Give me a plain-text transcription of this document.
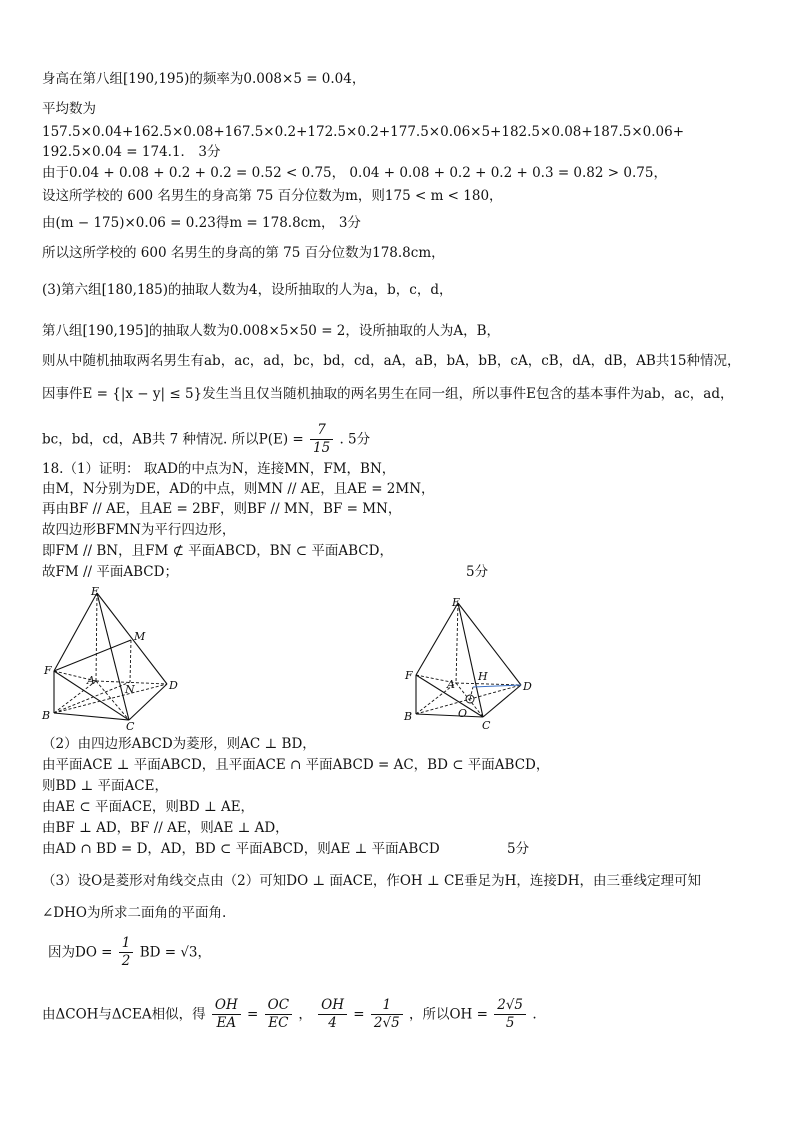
身高在第八组[190,195)的频率为0.008×5 = 0.04，
平均数为
157.5×0.04+162.5×0.08+167.5×0.2+172.5×0.2+177.5×0.06×5+182.5×0.08+187.5×0.06+
192.5×0.04 = 174.1． 3分
由于0.04 + 0.08 + 0.2 + 0.2 = 0.52 < 0.75， 0.04 + 0.08 + 0.2 + 0.2 + 0.3 = 0.82 > 0.75，
设这所学校的 600 名男生的身高第 75 百分位数为m，则175 < m < 180，
由(m − 175)×0.06 = 0.23得m = 178.8cm， 3分
所以这所学校的 600 名男生的身高的第 75 百分位数为178.8cm，
(3)第六组[180,185)的抽取人数为4，设所抽取的人为a，b，c，d，
第八组[190,195]的抽取人数为0.008×5×50 = 2，设所抽取的人为A，B，
则从中随机抽取两名男生有ab，ac，ad，bc，bd，cd，aA，aB，bA，bB，cA，cB，dA，dB，AB共15种情况，
因事件E = {|x − y| ≤ 5}发生当且仅当随机抽取的两名男生在同一组，所以事件E包含的基本事件为ab，ac，ad，
bc，bd，cd，AB共 7 种情况. 所以$P(E) = \frac{7}{15}$ . 5分
18.（1）证明： 取AD的中点为N，连接MN，FM，BN，
由M，N分别为DE，AD的中点，则MN // AE，且AE = 2MN，
再由BF // AE，且AE = 2BF，则BF // MN，BF = MN，
故四边形BFMN为平行四边形，
即FM // BN，且FM ⊄ 平面ABCD，BN ⊂ 平面ABCD，
故FM // 平面ABCD；	5分
E
M
F
A
N	D
B
C
E
F
A
H
D
B	O
C
（2）由四边形ABCD为菱形，则AC ⊥ BD，
由平面ACE ⊥ 平面ABCD，且平面ACE ∩ 平面ABCD = AC，BD ⊂ 平面ABCD，
则BD ⊥ 平面ACE，
由AE ⊂ 平面ACE，则BD ⊥ AE，
由BF ⊥ AD，BF // AE，则AE ⊥ AD，
由AD ∩ BD = D，AD，BD ⊂ 平面ABCD，则AE ⊥ 平面ABCD	5分
（3）设O是菱形对角线交点由（2）可知DO ⊥ 面ACE，作OH ⊥ CE垂足为H，连接DH，由三垂线定理可知
∠DHO为所求二面角的平面角.
因为DO = $\frac{1}{2}$ BD = √3，
由ΔCOH与ΔCEA相似，得 $\frac{OH}{EA} = \frac{OC}{EC}$ ， $\frac{OH}{4} = \frac{1}{2√5}$ ，所以OH = $\frac{2√5}{5}$ .
